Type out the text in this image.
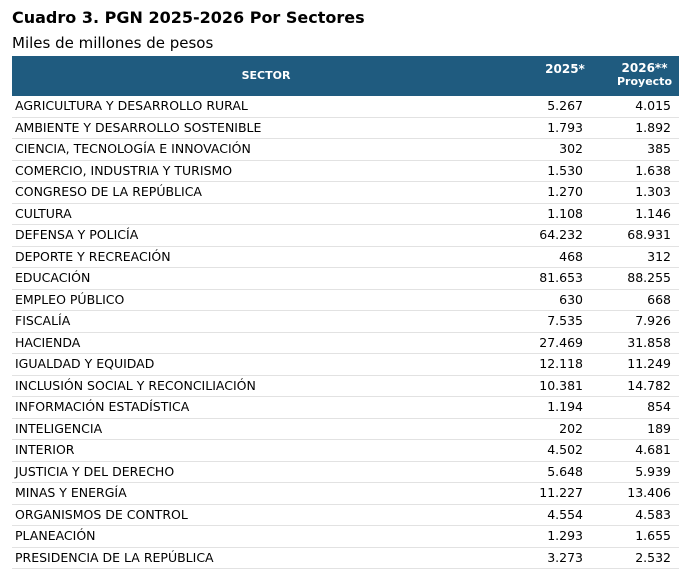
Cuadro 3. PGN 2025-2026 Por Sectores
Miles de millones de pesos
SECTOR	2025*	2026**
Proyecto
AGRICULTURA Y DESARROLLO RURAL	5.267	4.015
AMBIENTE Y DESARROLLO SOSTENIBLE	1.793	1.892
CIENCIA, TECNOLOGÍA E INNOVACIÓN	302	385
COMERCIO, INDUSTRIA Y TURISMO	1.530	1.638
CONGRESO DE LA REPÚBLICA	1.270	1.303
CULTURA	1.108	1.146
DEFENSA Y POLICÍA	64.232	68.931
DEPORTE Y RECREACIÓN	468	312
EDUCACIÓN	81.653	88.255
EMPLEO PÚBLICO	630	668
FISCALÍA	7.535	7.926
HACIENDA	27.469	31.858
IGUALDAD Y EQUIDAD	12.118	11.249
INCLUSIÓN SOCIAL Y RECONCILIACIÓN	10.381	14.782
INFORMACIÓN ESTADÍSTICA	1.194	854
INTELIGENCIA	202	189
INTERIOR	4.502	4.681
JUSTICIA Y DEL DERECHO	5.648	5.939
MINAS Y ENERGÍA	11.227	13.406
ORGANISMOS DE CONTROL	4.554	4.583
PLANEACIÓN	1.293	1.655
PRESIDENCIA DE LA REPÚBLICA	3.273	2.532
